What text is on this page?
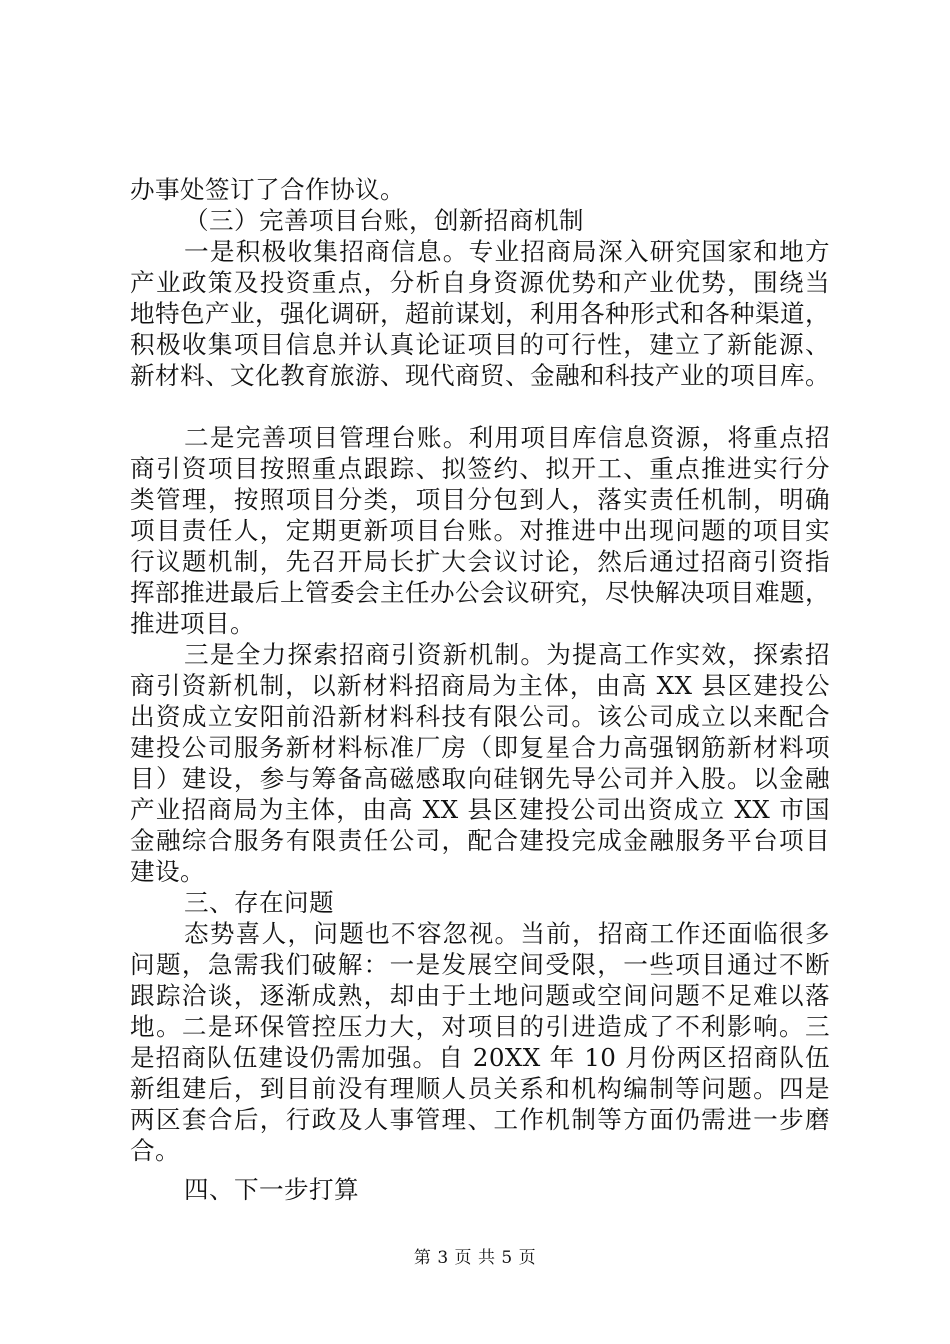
办事处签订了合作协议。
（三）完善项目台账，创新招商机制
一是积极收集招商信息。专业招商局深入研究国家和地方
产业政策及投资重点，分析自身资源优势和产业优势，围绕当
地特色产业，强化调研，超前谋划，利用各种形式和各种渠道，
积极收集项目信息并认真论证项目的可行性，建立了新能源、
新材料、文化教育旅游、现代商贸、金融和科技产业的项目库。
二是完善项目管理台账。利用项目库信息资源，将重点招
商引资项目按照重点跟踪、拟签约、拟开工、重点推进实行分
类管理，按照项目分类，项目分包到人，落实责任机制，明确
项目责任人，定期更新项目台账。对推进中出现问题的项目实
行议题机制，先召开局长扩大会议讨论，然后通过招商引资指
挥部推进最后上管委会主任办公会议研究，尽快解决项目难题，
推进项目。
三是全力探索招商引资新机制。为提高工作实效，探索招
商引资新机制，以新材料招商局为主体，由高 XX 县区建投公
出资成立安阳前沿新材料科技有限公司。该公司成立以来配合
建投公司服务新材料标准厂房（即复星合力高强钢筋新材料项
目）建设，参与筹备高磁感取向硅钢先导公司并入股。以金融
产业招商局为主体，由高 XX 县区建投公司出资成立 XX 市国
金融综合服务有限责任公司，配合建投完成金融服务平台项目
建设。
三、存在问题
态势喜人，问题也不容忽视。当前，招商工作还面临很多
问题，急需我们破解：一是发展空间受限，一些项目通过不断
跟踪洽谈，逐渐成熟，却由于土地问题或空间问题不足难以落
地。二是环保管控压力大，对项目的引进造成了不利影响。三
是招商队伍建设仍需加强。自 20XX 年 10 月份两区招商队伍
新组建后，到目前没有理顺人员关系和机构编制等问题。四是
两区套合后，行政及人事管理、工作机制等方面仍需进一步磨
合。
四、下一步打算
第 3 页 共 5 页
